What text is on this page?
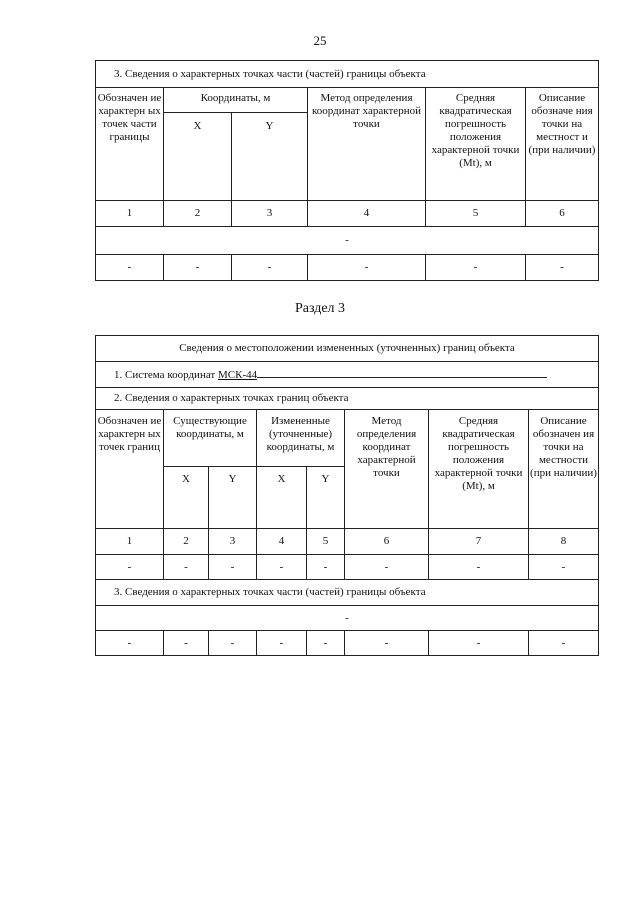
25
3. Сведения о характерных точках части (частей) границы объекта					
Обозначен ие характерн ых точек части границы	Координаты, м		Метод определения координат характерной точки	Средняя квадратическая погрешность положения характерной точки (Mt), м	Описание обозначе ния точки на местност и (при наличии)
	X	Y			
1	2	3	4	5	6
-					
-	-	-	-	-	-
Раздел 3
Сведения о местоположении измененных (уточненных) границ объекта							
1. Система координат МСК-44							
2. Сведения о характерных точках границ объекта							
Обозначен ие характерн ых точек границ	Существующие координаты, м		Измененные (уточненные) координаты, м		Метод определения координат характерной точки	Средняя квадратическая погрешность положения характерной точки (Mt), м	Описание обозначен ия точки на местности (при наличии)
	X	Y	X	Y			
1	2	3	4	5	6	7	8
-	-	-	-	-	-	-	-
3. Сведения о характерных точках части (частей) границы объекта							
-							
-	-	-	-	-	-	-	-
